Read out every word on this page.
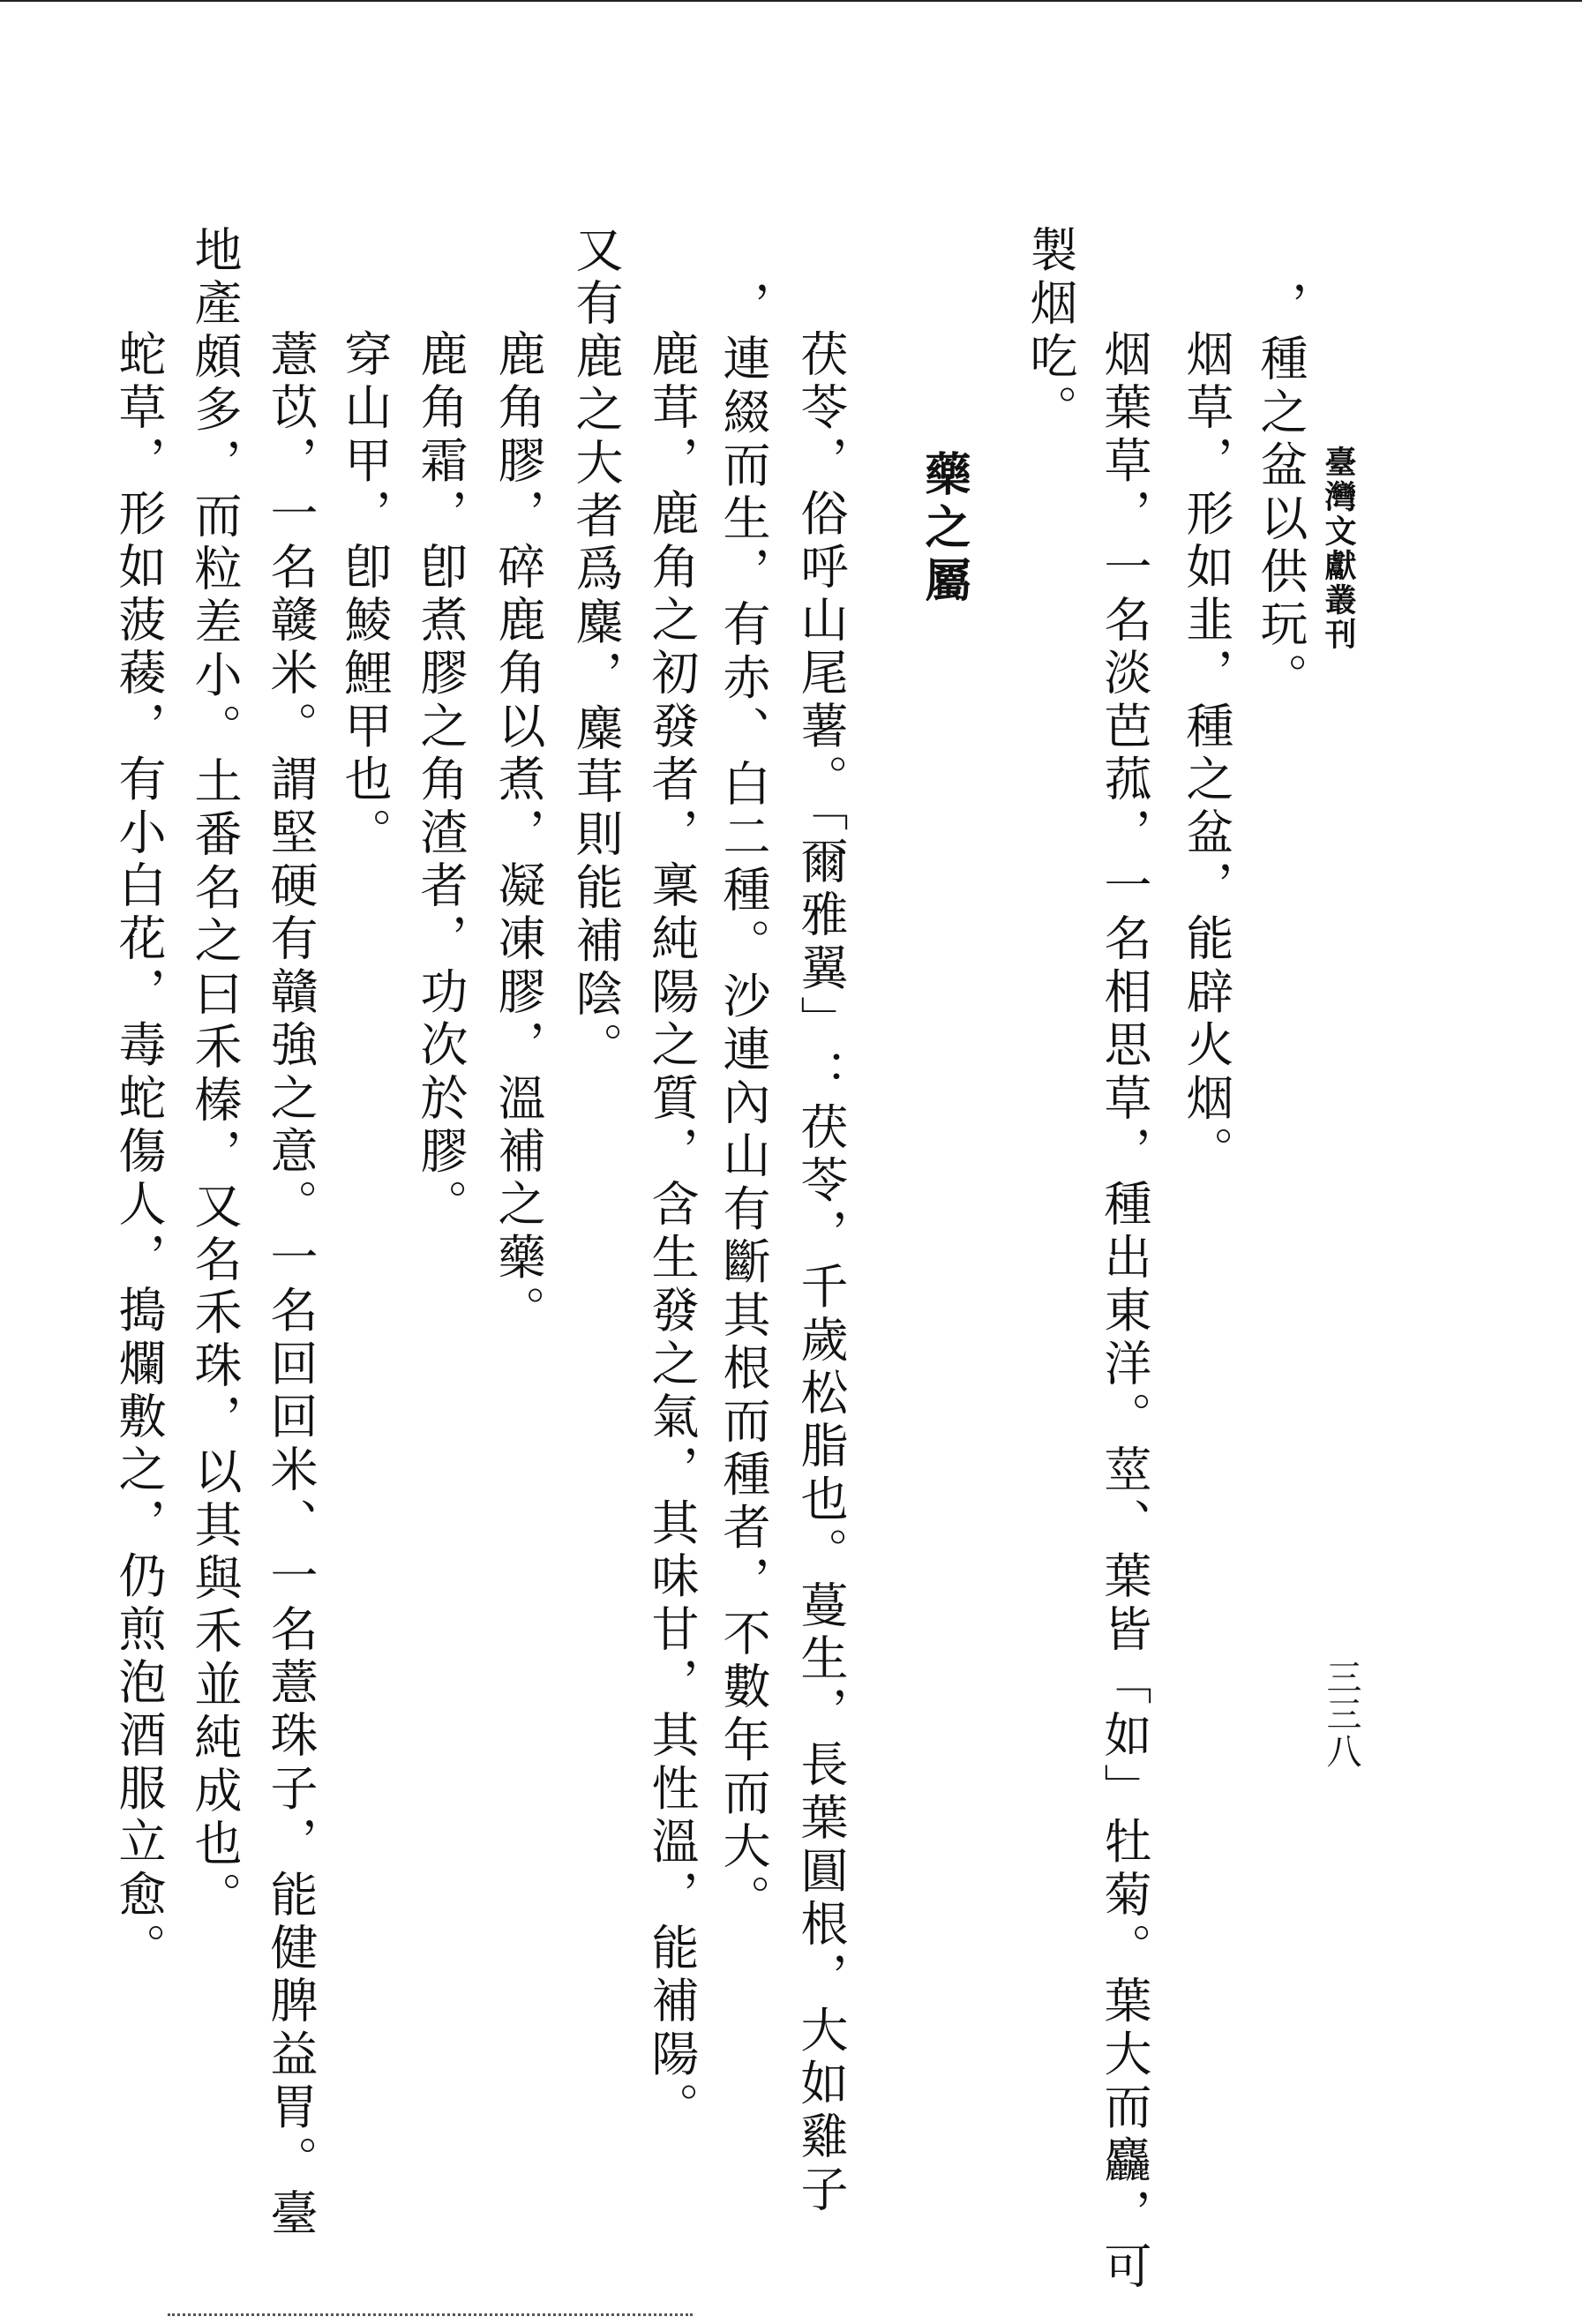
臺灣文獻叢刊
三三八
，種之盆以供玩。
烟草，形如韭，種之盆，能辟火烟。
烟葉草，一名淡芭菰，一名相思草，種出東洋。莖、葉皆「如」牡菊。葉大而麤，可
製烟吃。
藥之屬
茯苓，俗呼山尾薯。「爾雅翼」：茯苓，千歲松脂也。蔓生，長葉圓根，大如雞子
，連綴而生，有赤、白二種。沙連內山有斷其根而種者，不數年而大。
鹿茸，鹿角之初發者，稟純陽之質，含生發之氣，其味甘，其性溫，能補陽。
又有鹿之大者爲麋，麋茸則能補陰。
鹿角膠，碎鹿角以煮，凝凍膠，溫補之藥。
鹿角霜，卽煮膠之角渣者，功次於膠。
穿山甲，卽鯪鯉甲也。
薏苡，一名竷米。謂堅硬有贛強之意。一名回回米、一名薏珠子，能健脾益胃。臺
地產頗多，而粒差小。土番名之曰禾榛，又名禾珠，以其與禾並純成也。
蛇草，形如菠薐，有小白花，毒蛇傷人，搗爛敷之，仍煎泡酒服立愈。
